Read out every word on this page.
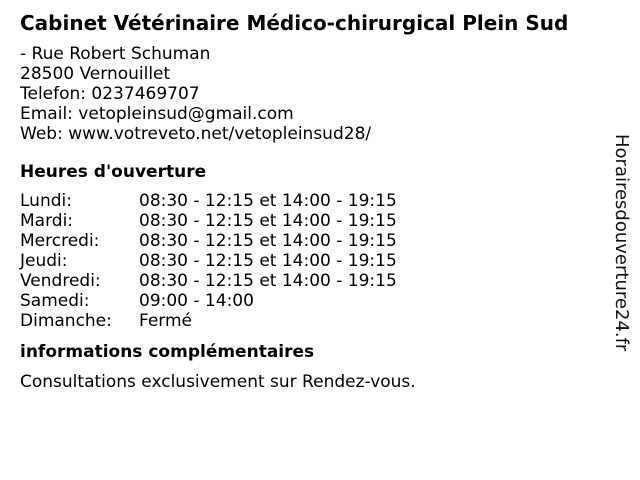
Cabinet Vétérinaire Médico-chirurgical Plein Sud
- Rue Robert Schuman
28500 Vernouillet
Telefon: 0237469707
Email: vetopleinsud@gmail.com
Web: www.votreveto.net/vetopleinsud28/
Heures d'ouverture
Lundi:	08:30 - 12:15 et 14:00 - 19:15
Mardi:	08:30 - 12:15 et 14:00 - 19:15
Mercredi:	08:30 - 12:15 et 14:00 - 19:15
Jeudi:	08:30 - 12:15 et 14:00 - 19:15
Vendredi:	08:30 - 12:15 et 14:00 - 19:15
Samedi:	09:00 - 14:00
Dimanche:	Fermé
informations complémentaires
Consultations exclusivement sur Rendez-vous.
Horairesdouverture24.fr
